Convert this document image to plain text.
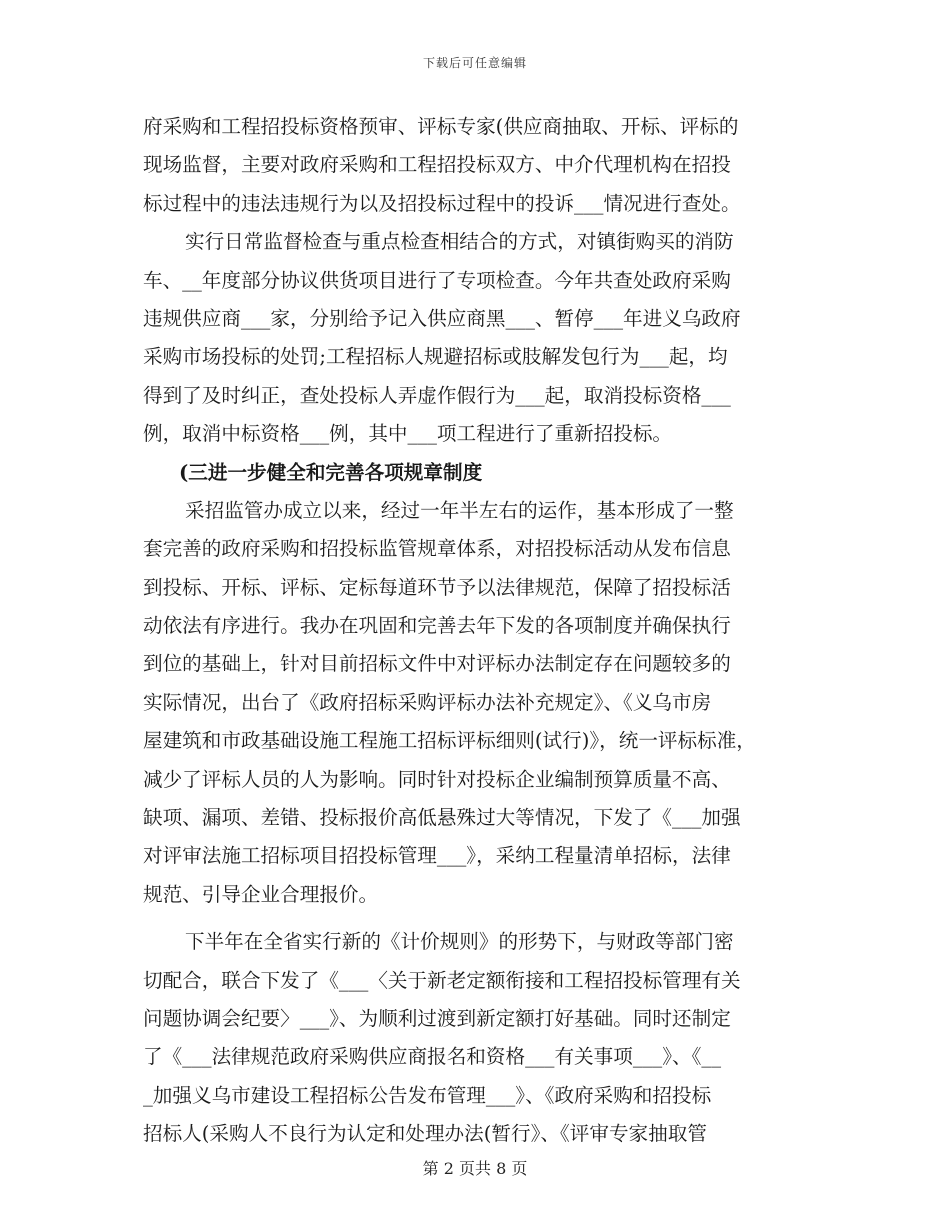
下载后可任意编辑
府采购和工程招投标资格预审、评标专家(供应商抽取、开标、评标的
现场监督，主要对政府采购和工程招投标双方、中介代理机构在招投
标过程中的违法违规行为以及招投标过程中的投诉___情况进行查处。
实行日常监督检查与重点检查相结合的方式，对镇街购买的消防
车、__年度部分协议供货项目进行了专项检查。今年共查处政府采购
违规供应商___家，分别给予记入供应商黑___、暂停___年进义乌政府
采购市场投标的处罚;工程招标人规避招标或肢解发包行为___起，均
得到了及时纠正，查处投标人弄虚作假行为___起，取消投标资格___
例，取消中标资格___例，其中___项工程进行了重新招投标。
(三进一步健全和完善各项规章制度
采招监管办成立以来，经过一年半左右的运作，基本形成了一整
套完善的政府采购和招投标监管规章体系，对招投标活动从发布信息
到投标、开标、评标、定标每道环节予以法律规范，保障了招投标活
动依法有序进行。我办在巩固和完善去年下发的各项制度并确保执行
到位的基础上，针对目前招标文件中对评标办法制定存在问题较多的
实际情况，出台了《政府招标采购评标办法补充规定》、《义乌市房
屋建筑和市政基础设施工程施工招标评标细则(试行)》，统一评标标准，
减少了评标人员的人为影响。同时针对投标企业编制预算质量不高、
缺项、漏项、差错、投标报价高低悬殊过大等情况，下发了《___加强
对评审法施工招标项目招投标管理___》，采纳工程量清单招标，法律
规范、引导企业合理报价。
下半年在全省实行新的《计价规则》的形势下，与财政等部门密
切配合，联合下发了《___〈关于新老定额衔接和工程招投标管理有关
问题协调会纪要〉___》、为顺利过渡到新定额打好基础。同时还制定
了《___法律规范政府采购供应商报名和资格___有关事项___》、《__
_加强义乌市建设工程招标公告发布管理___》、《政府采购和招投标
招标人(采购人不良行为认定和处理办法(暂行》、《评审专家抽取管
第 2 页共 8 页
